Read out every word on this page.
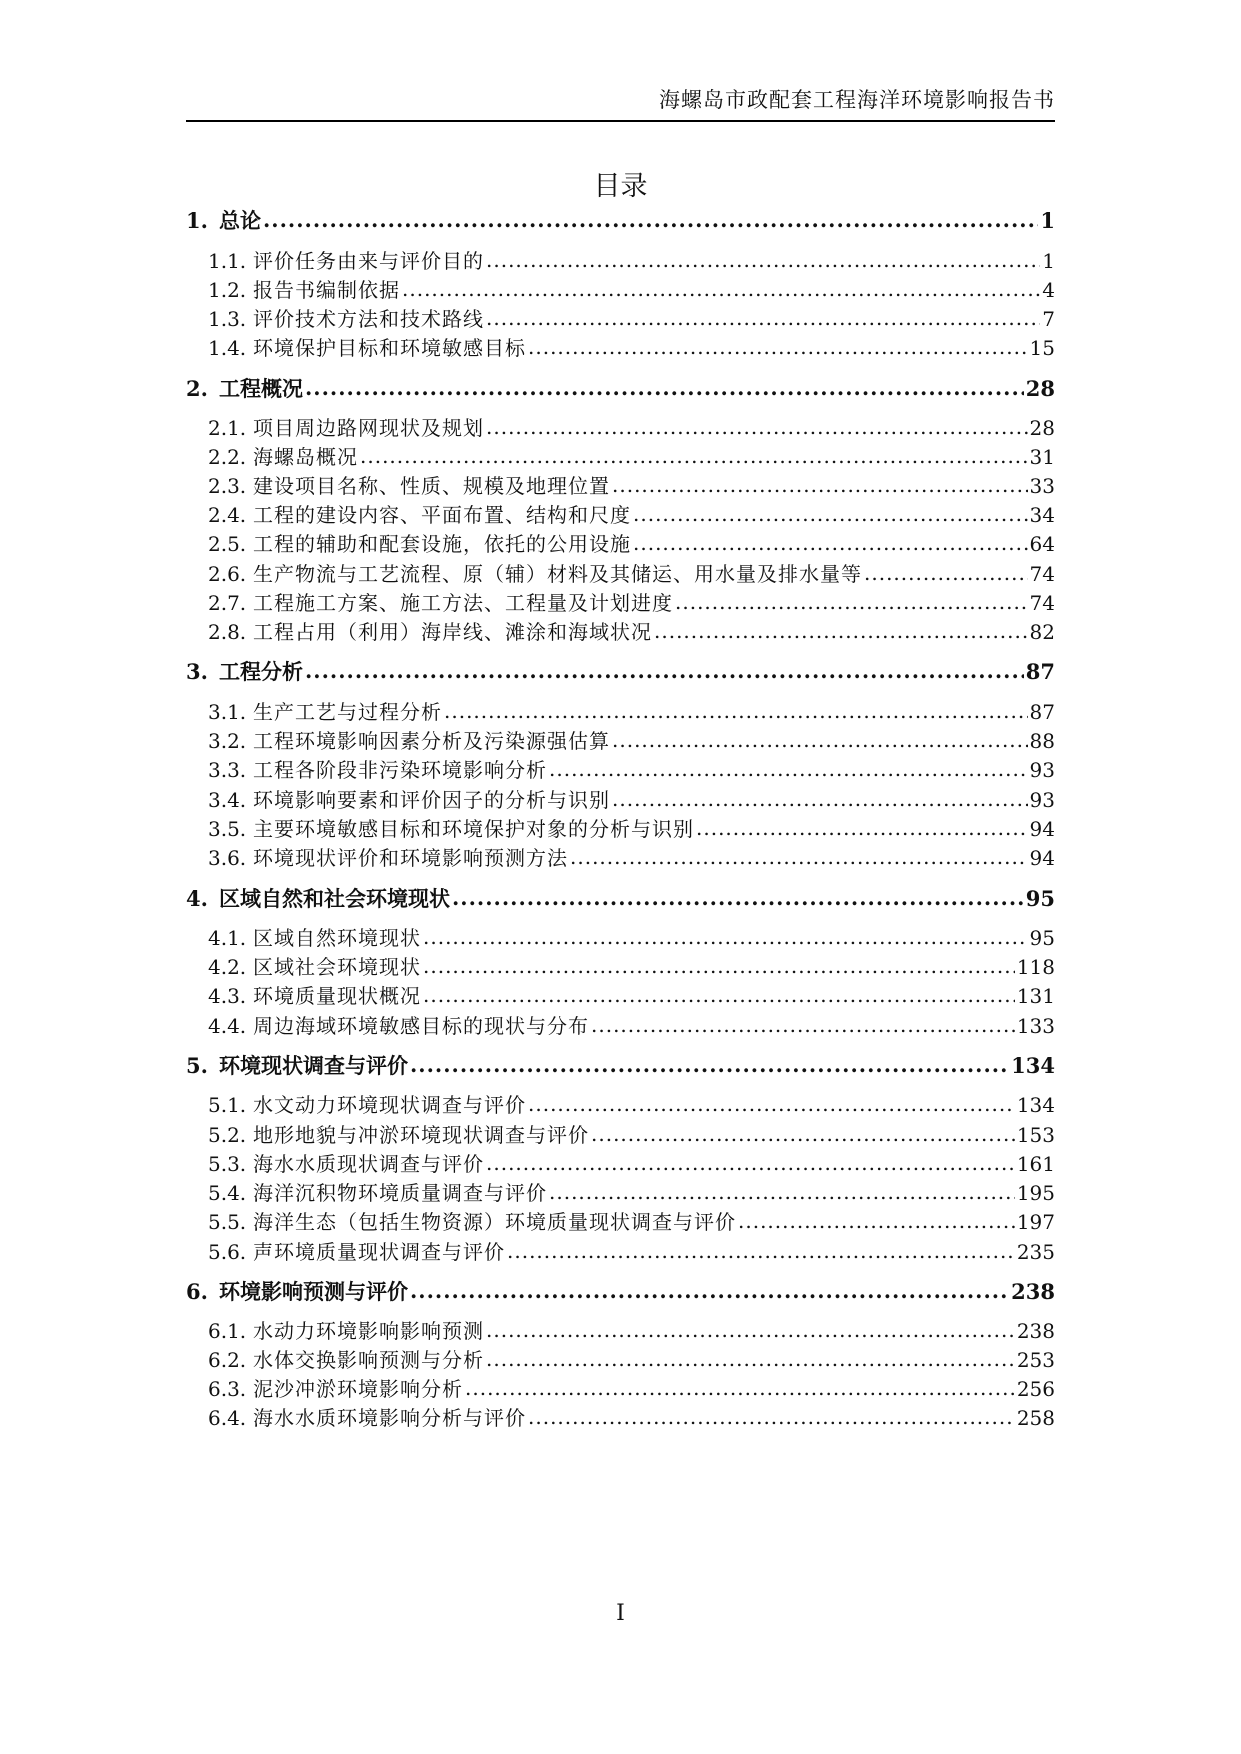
海螺岛市政配套工程海洋环境影响报告书
目录
1. 总论 .....	1
1.1. 评价任务由来与评价目的 .....	1
1.2. 报告书编制依据 .....	4
1.3. 评价技术方法和技术路线 .....	7
1.4. 环境保护目标和环境敏感目标 .....	15
2. 工程概况 .....	28
2.1. 项目周边路网现状及规划 .....	28
2.2. 海螺岛概况 .....	31
2.3. 建设项目名称、性质、规模及地理位置 .....	33
2.4. 工程的建设内容、平面布置、结构和尺度 .....	34
2.5. 工程的辅助和配套设施，依托的公用设施 .....	64
2.6. 生产物流与工艺流程、原（辅）材料及其储运、用水量及排水量等 .....	74
2.7. 工程施工方案、施工方法、工程量及计划进度 .....	74
2.8. 工程占用（利用）海岸线、滩涂和海域状况 .....	82
3. 工程分析 .....	87
3.1. 生产工艺与过程分析 .....	87
3.2. 工程环境影响因素分析及污染源强估算 .....	88
3.3. 工程各阶段非污染环境影响分析 .....	93
3.4. 环境影响要素和评价因子的分析与识别 .....	93
3.5. 主要环境敏感目标和环境保护对象的分析与识别 .....	94
3.6. 环境现状评价和环境影响预测方法 .....	94
4. 区域自然和社会环境现状 .....	95
4.1. 区域自然环境现状 .....	95
4.2. 区域社会环境现状 .....	118
4.3. 环境质量现状概况 .....	131
4.4. 周边海域环境敏感目标的现状与分布 .....	133
5. 环境现状调查与评价 .....	134
5.1. 水文动力环境现状调查与评价 .....	134
5.2. 地形地貌与冲淤环境现状调查与评价 .....	153
5.3. 海水水质现状调查与评价 .....	161
5.4. 海洋沉积物环境质量调查与评价 .....	195
5.5. 海洋生态（包括生物资源）环境质量现状调查与评价 .....	197
5.6. 声环境质量现状调查与评价 .....	235
6. 环境影响预测与评价 .....	238
6.1. 水动力环境影响影响预测 .....	238
6.2. 水体交换影响预测与分析 .....	253
6.3. 泥沙冲淤环境影响分析 .....	256
6.4. 海水水质环境影响分析与评价 .....	258
I
